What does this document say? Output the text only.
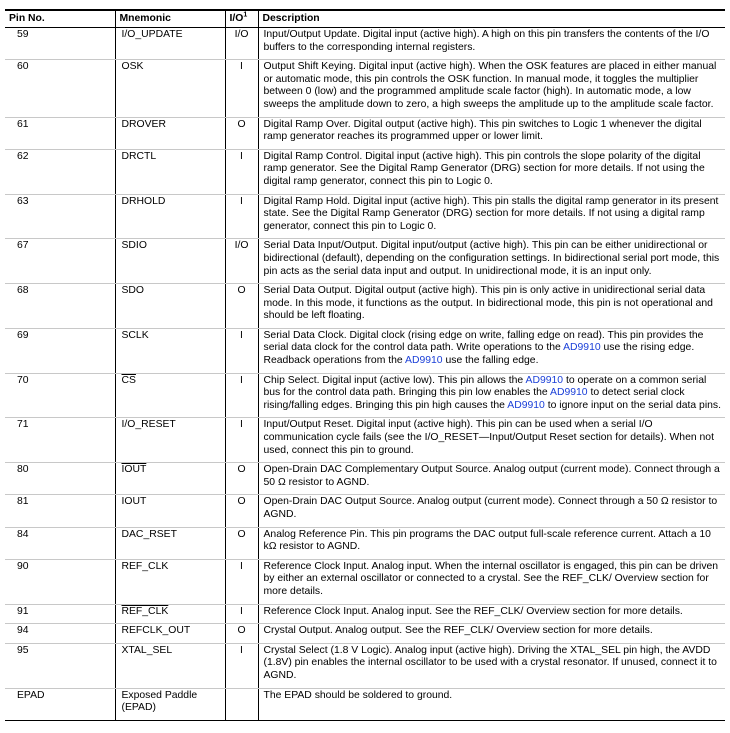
Pin No.	Mnemonic	$I/O^1$	Description
59	I/O_UPDATE	I/O	Input/Output Update. Digital input (active high). A high on this pin transfers the contents of the I/O buffers to the corresponding internal registers.
60	OSK	I	Output Shift Keying. Digital input (active high). When the OSK features are placed in either manual or automatic mode, this pin controls the OSK function. In manual mode, it toggles the multiplier between 0 (low) and the programmed amplitude scale factor (high). In automatic mode, a low sweeps the amplitude down to zero, a high sweeps the amplitude up to the amplitude scale factor.
61	DROVER	O	Digital Ramp Over. Digital output (active high). This pin switches to Logic 1 whenever the digital ramp generator reaches its programmed upper or lower limit.
62	DRCTL	I	Digital Ramp Control. Digital input (active high). This pin controls the slope polarity of the digital ramp generator. See the Digital Ramp Generator (DRG) section for more details. If not using the digital ramp generator, connect this pin to Logic 0.
63	DRHOLD	I	Digital Ramp Hold. Digital input (active high). This pin stalls the digital ramp generator in its present state. See the Digital Ramp Generator (DRG) section for more details. If not using a digital ramp generator, connect this pin to Logic 0.
67	SDIO	I/O	Serial Data Input/Output. Digital input/output (active high). This pin can be either unidirectional or bidirectional (default), depending on the configuration settings. In bidirectional serial port mode, this pin acts as the serial data input and output. In unidirectional mode, it is an input only.
68	SDO	O	Serial Data Output. Digital output (active high). This pin is only active in unidirectional serial data mode. In this mode, it functions as the output. In bidirectional mode, this pin is not operational and should be left floating.
69	SCLK	I	Serial Data Clock. Digital clock (rising edge on write, falling edge on read). This pin provides the serial data clock for the control data path. Write operations to the AD9910 use the rising edge. Readback operations from the AD9910 use the falling edge.
70	$\overline{CS}$	I	Chip Select. Digital input (active low). This pin allows the AD9910 to operate on a common serial bus for the control data path. Bringing this pin low enables the AD9910 to detect serial clock rising/falling edges. Bringing this pin high causes the AD9910 to ignore input on the serial data pins.
71	I/O_RESET	I	Input/Output Reset. Digital input (active high). This pin can be used when a serial I/O communication cycle fails (see the I/O_RESET—Input/Output Reset section for details). When not used, connect this pin to ground.
80	IOUT	O	Open-Drain DAC Complementary Output Source. Analog output (current mode). Connect through a 50 Ω resistor to AGND.
81	IOUT	O	Open-Drain DAC Output Source. Analog output (current mode). Connect through a 50 Ω resistor to AGND.
84	DAC_RSET	O	Analog Reference Pin. This pin programs the DAC output full-scale reference current. Attach a 10 kΩ resistor to AGND.
90	REF_CLK	I	Reference Clock Input. Analog input. When the internal oscillator is engaged, this pin can be driven by either an external oscillator or connected to a crystal. See the REF_CLK/ Overview section for more details.
91	REF_CLK	I	Reference Clock Input. Analog input. See the REF_CLK/ Overview section for more details.
94	REFCLK_OUT	O	Crystal Output. Analog output. See the REF_CLK/ Overview section for more details.
95	XTAL_SEL	I	Crystal Select (1.8 V Logic). Analog input (active high). Driving the XTAL_SEL pin high, the AVDD (1.8V) pin enables the internal oscillator to be used with a crystal resonator. If unused, connect it to AGND.
EPAD	Exposed Paddle (EPAD)		The EPAD should be soldered to ground.
